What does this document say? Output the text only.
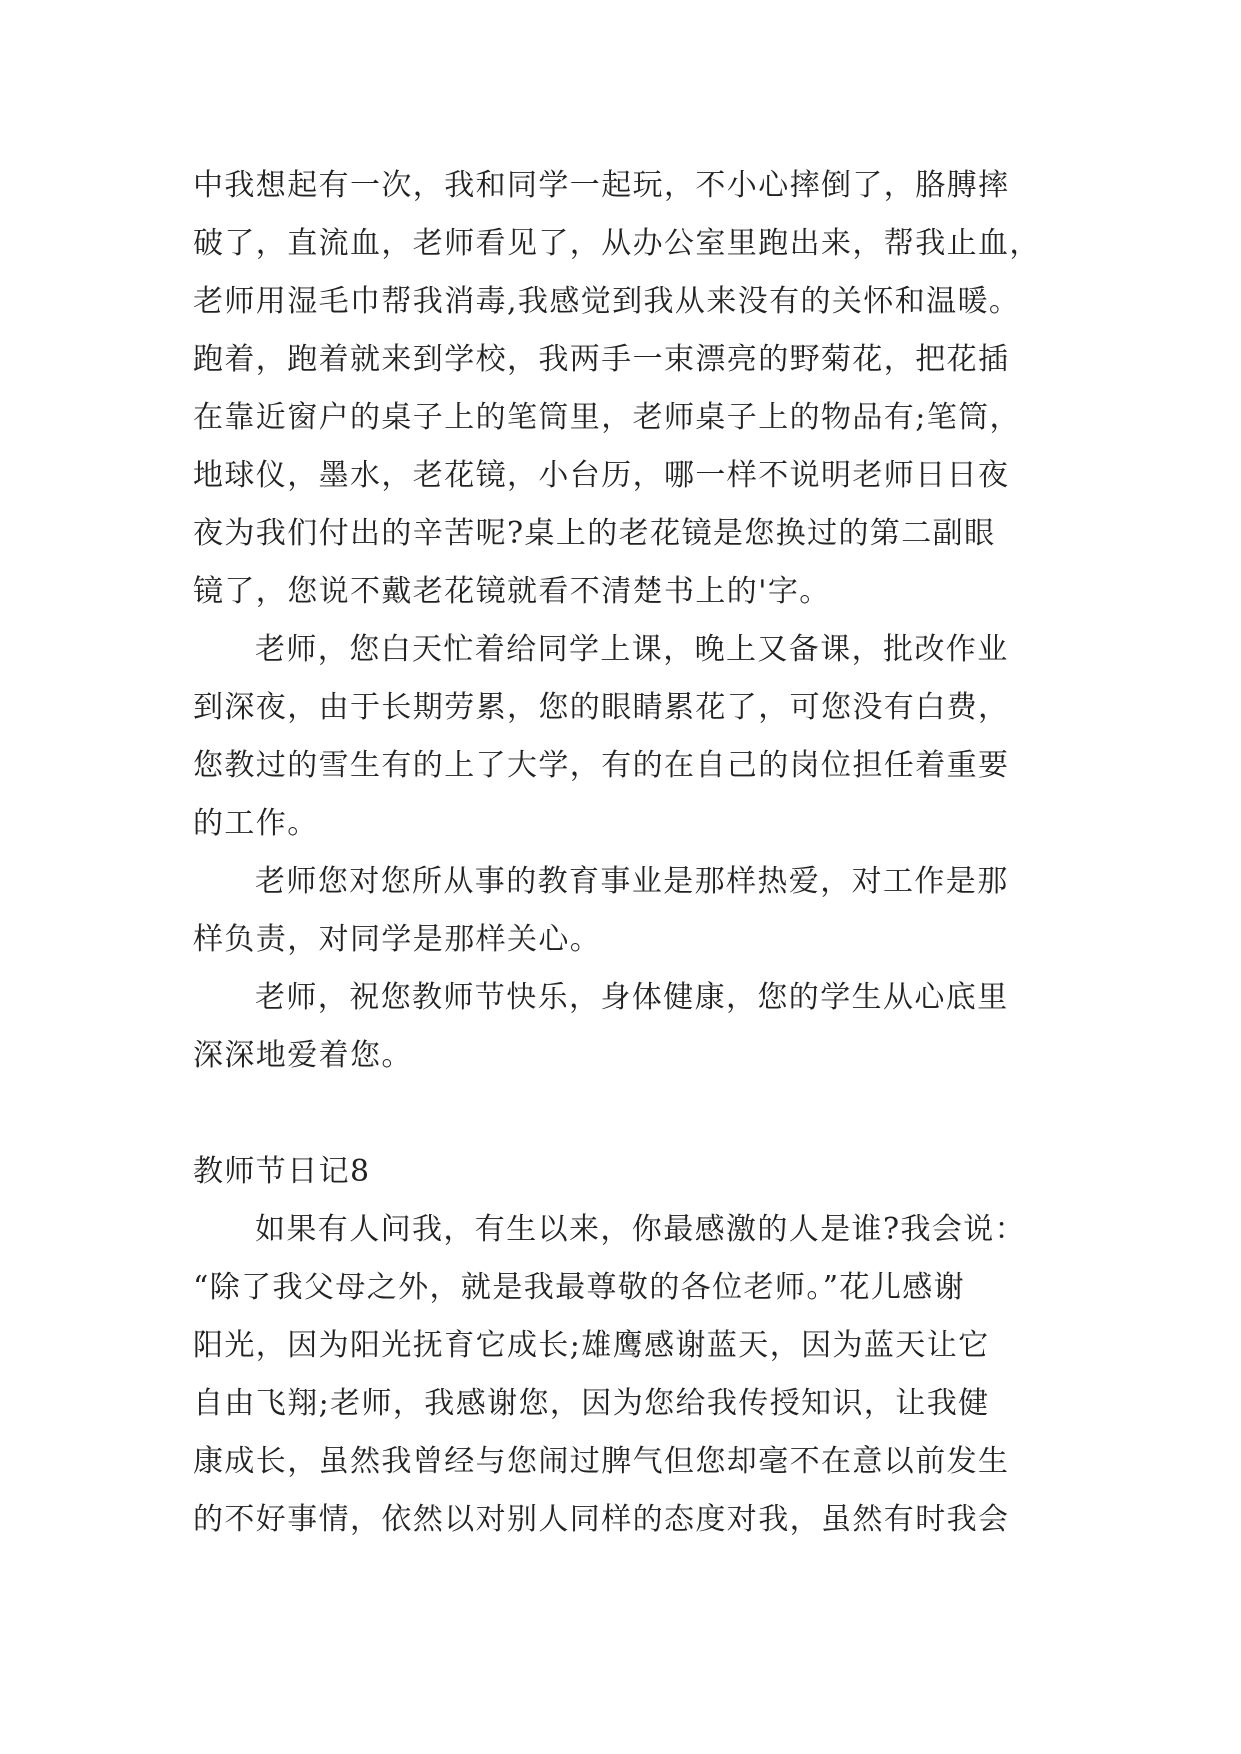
中我想起有一次，我和同学一起玩，不小心摔倒了，胳膊摔
破了，直流血，老师看见了，从办公室里跑出来，帮我止血，
老师用湿毛巾帮我消毒,我感觉到我从来没有的关怀和温暖。
跑着，跑着就来到学校，我两手一束漂亮的野菊花，把花插
在靠近窗户的桌子上的笔筒里，老师桌子上的物品有;笔筒，
地球仪，墨水，老花镜，小台历，哪一样不说明老师日日夜
夜为我们付出的辛苦呢?桌上的老花镜是您换过的第二副眼
镜了，您说不戴老花镜就看不清楚书上的'字。
老师，您白天忙着给同学上课，晚上又备课，批改作业
到深夜，由于长期劳累，您的眼睛累花了，可您没有白费，
您教过的雪生有的上了大学，有的在自己的岗位担任着重要
的工作。
老师您对您所从事的教育事业是那样热爱，对工作是那
样负责，对同学是那样关心。
老师，祝您教师节快乐，身体健康，您的学生从心底里
深深地爱着您。
教师节日记8
如果有人问我，有生以来，你最感激的人是谁?我会说：
“除了我父母之外，就是我最尊敬的各位老师。”花儿感谢
阳光，因为阳光抚育它成长;雄鹰感谢蓝天，因为蓝天让它
自由飞翔;老师，我感谢您，因为您给我传授知识，让我健
康成长，虽然我曾经与您闹过脾气但您却毫不在意以前发生
的不好事情，依然以对别人同样的态度对我，虽然有时我会
